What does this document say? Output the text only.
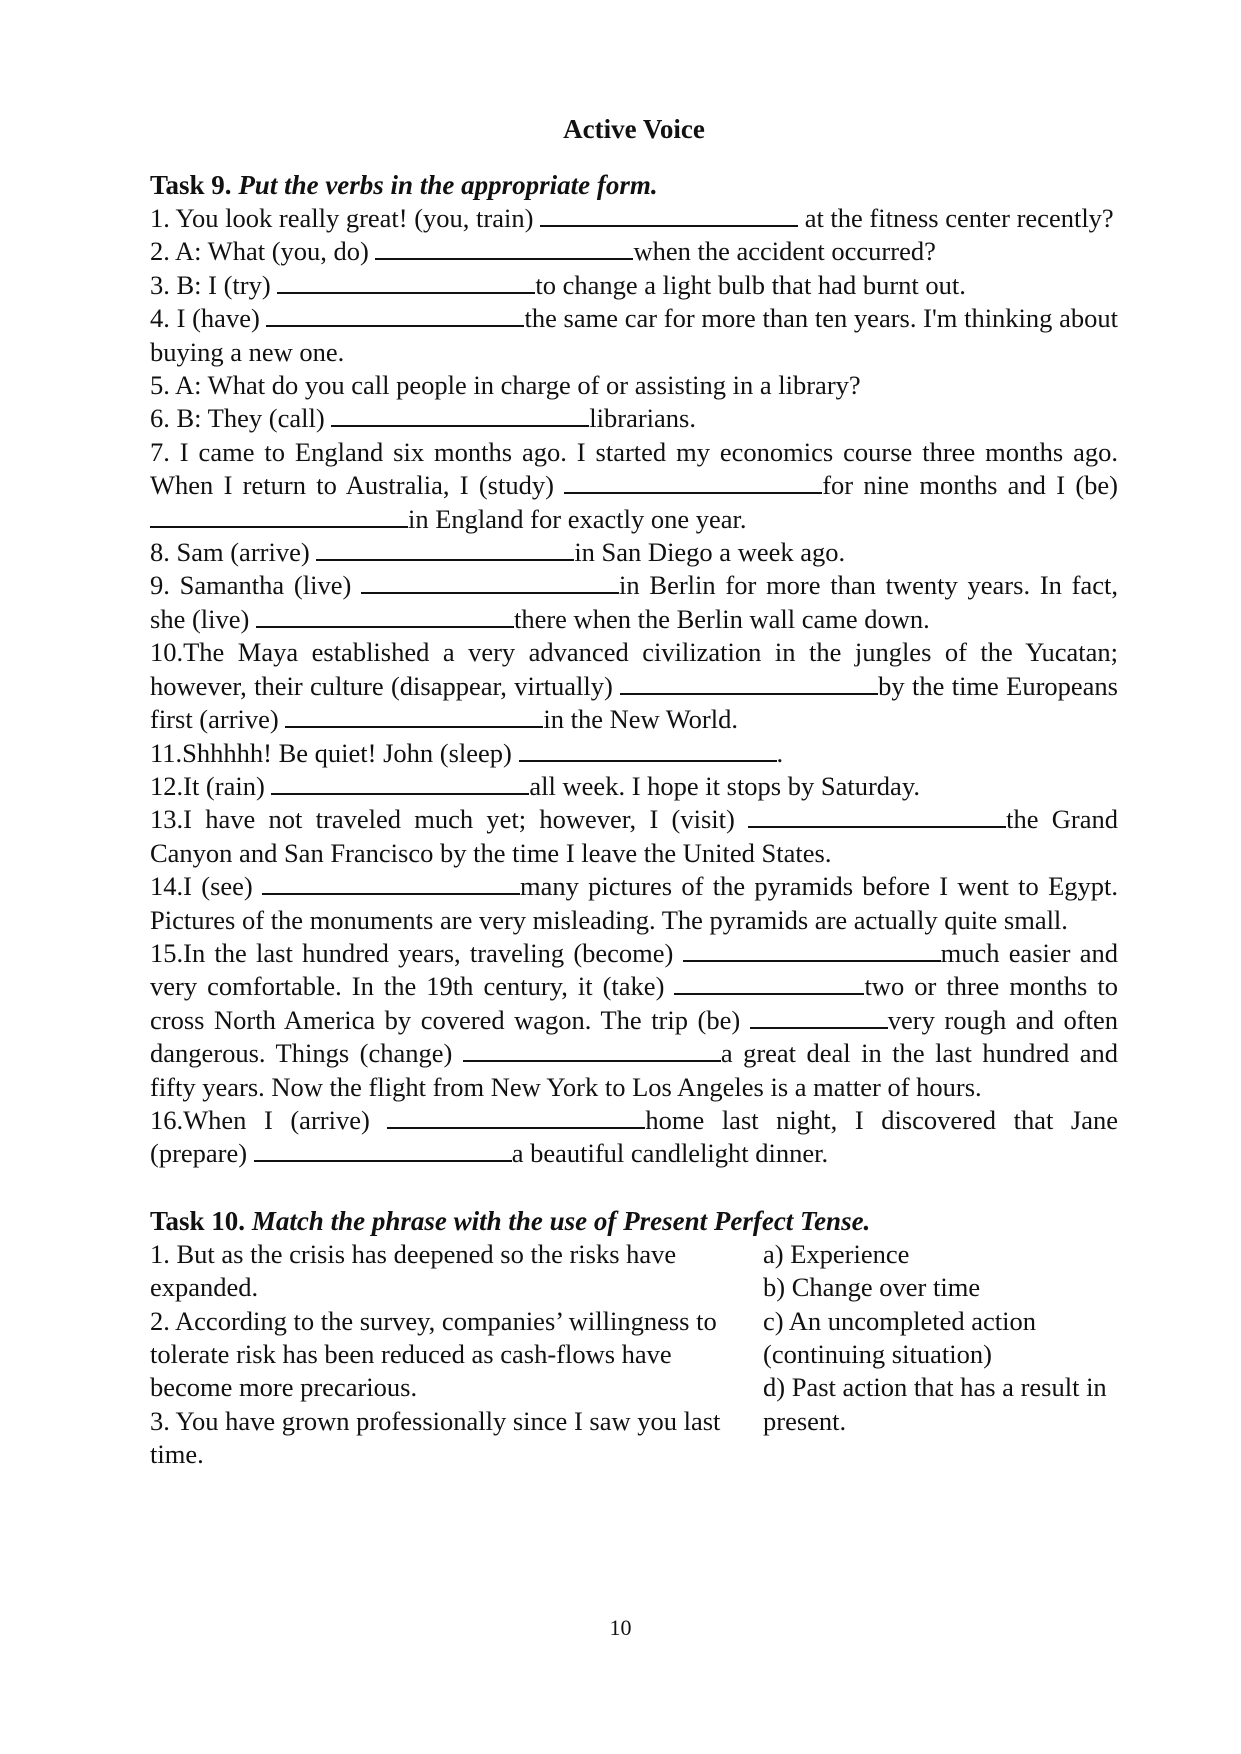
Active Voice

Task 9. Put the verbs in the appropriate form.

1. You look really great! (you, train)	at the fitness center recently?

2. A: What (you, do)	when the accident occurred?

3. B: I (try)	to change a light bulb that had burnt out.

4. I (have)	the same car for more than ten years. I'm thinking about buying a new one.

5. A: What do you call people in charge of or assisting in a library?

6. B: They (call)	librarians.

7. I came to England six months ago. I started my economics course three months ago. When I return to Australia, I (study)	for nine months and I (be) in England for exactly one year.

8. Sam (arrive)	in San Diego a week ago.

9. Samantha (live)	in Berlin for more than twenty years. In fact, she (live)	there when the Berlin wall came down.

10.The Maya established a very advanced civilization in the jungles of the Yucatan; however, their culture (disappear, virtually)	by the time Europeans first (arrive)	in the New World.

11.Shhhhh! Be quiet! John (sleep)	.

12.It (rain)	all week. I hope it stops by Saturday.

13.I have not traveled much yet; however, I (visit)	the Grand Canyon and San Francisco by the time I leave the United States.

14.I (see)	many pictures of the pyramids before I went to Egypt. Pictures of the monuments are very misleading. The pyramids are actually quite small.

15.In the last hundred years, traveling (become)	much easier and very comfortable. In the 19th century, it (take)	two or three months to cross North America by covered wagon. The trip (be)	very rough and often dangerous. Things (change)	a great deal in the last hundred and fifty years. Now the flight from New York to Los Angeles is a matter of hours.

16.When I (arrive)	home last night, I discovered that Jane (prepare)	a beautiful candlelight dinner.

Task 10. Match the phrase with the use of Present Perfect Tense.

1. But as the crisis has deepened so the risks have expanded.

2. According to the survey, companies’ willingness to tolerate risk has been reduced as cash-flows have become more precarious.

3. You have grown professionally since I saw you last time.

a) Experience

b) Change over time

c) An uncompleted action (continuing situation)

d) Past action that has a result in present.

10
